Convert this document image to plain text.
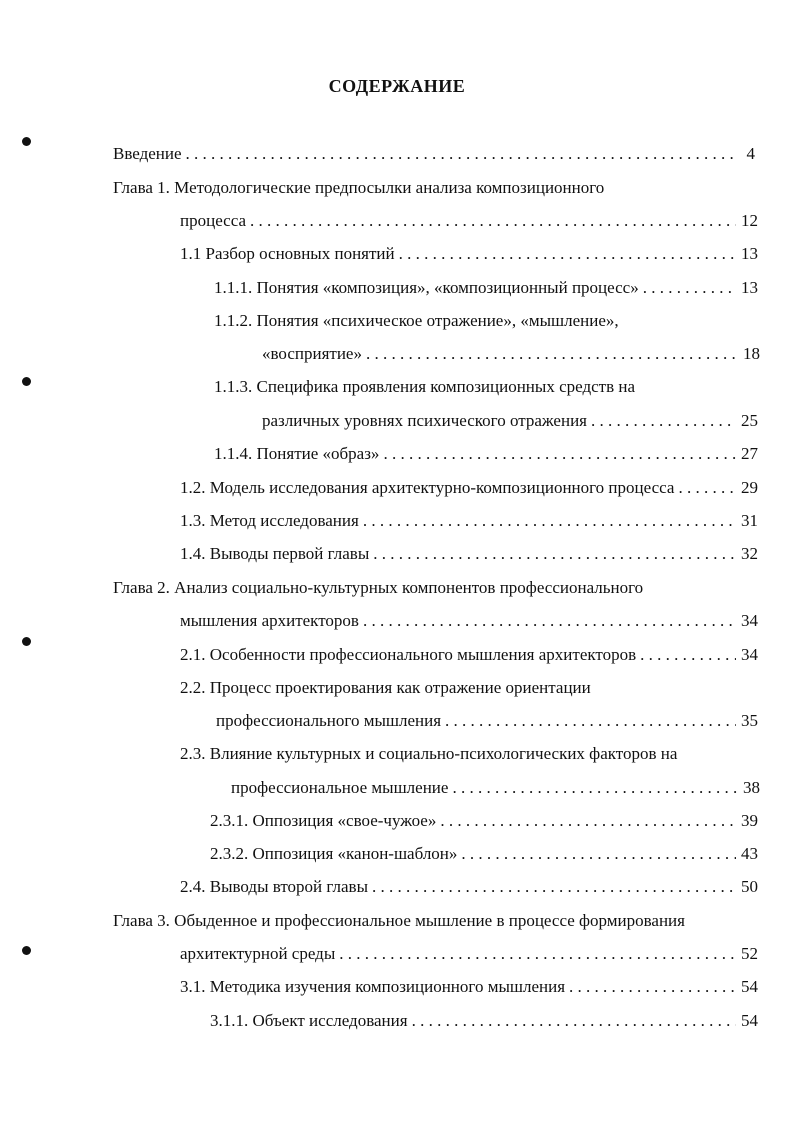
СОДЕРЖАНИЕ
Введение . . .	4
Глава 1. Методологические предпосылки анализа композиционного
процесса . . .	12
1.1 Разбор основных понятий . . .	13
1.1.1. Понятия «композиция», «композиционный процесс» . . .	13
1.1.2. Понятия «психическое отражение», «мышление»,
«восприятие» . . .	18
1.1.3. Специфика проявления композиционных средств на
различных уровнях психического отражения . . .	25
1.1.4. Понятие «образ» . . .	27
1.2. Модель исследования архитектурно-композиционного процесса . . .	29
1.3. Метод исследования . . .	31
1.4. Выводы первой главы . . .	32
Глава 2. Анализ социально-культурных компонентов профессионального
мышления архитекторов . . .	34
2.1. Особенности профессионального мышления архитекторов . . .	34
2.2. Процесс проектирования как отражение ориентации
профессионального мышления . . .	35
2.3. Влияние культурных и социально-психологических факторов на
профессиональное мышление . . .	38
2.3.1. Оппозиция «свое-чужое» . . .	39
2.3.2. Оппозиция «канон-шаблон» . . .	43
2.4. Выводы второй главы . . .	50
Глава 3. Обыденное и профессиональное мышление в процессе формирования
архитектурной среды . . .	52
3.1. Методика изучения композиционного мышления . . .	54
3.1.1. Объект исследования . . .	54
